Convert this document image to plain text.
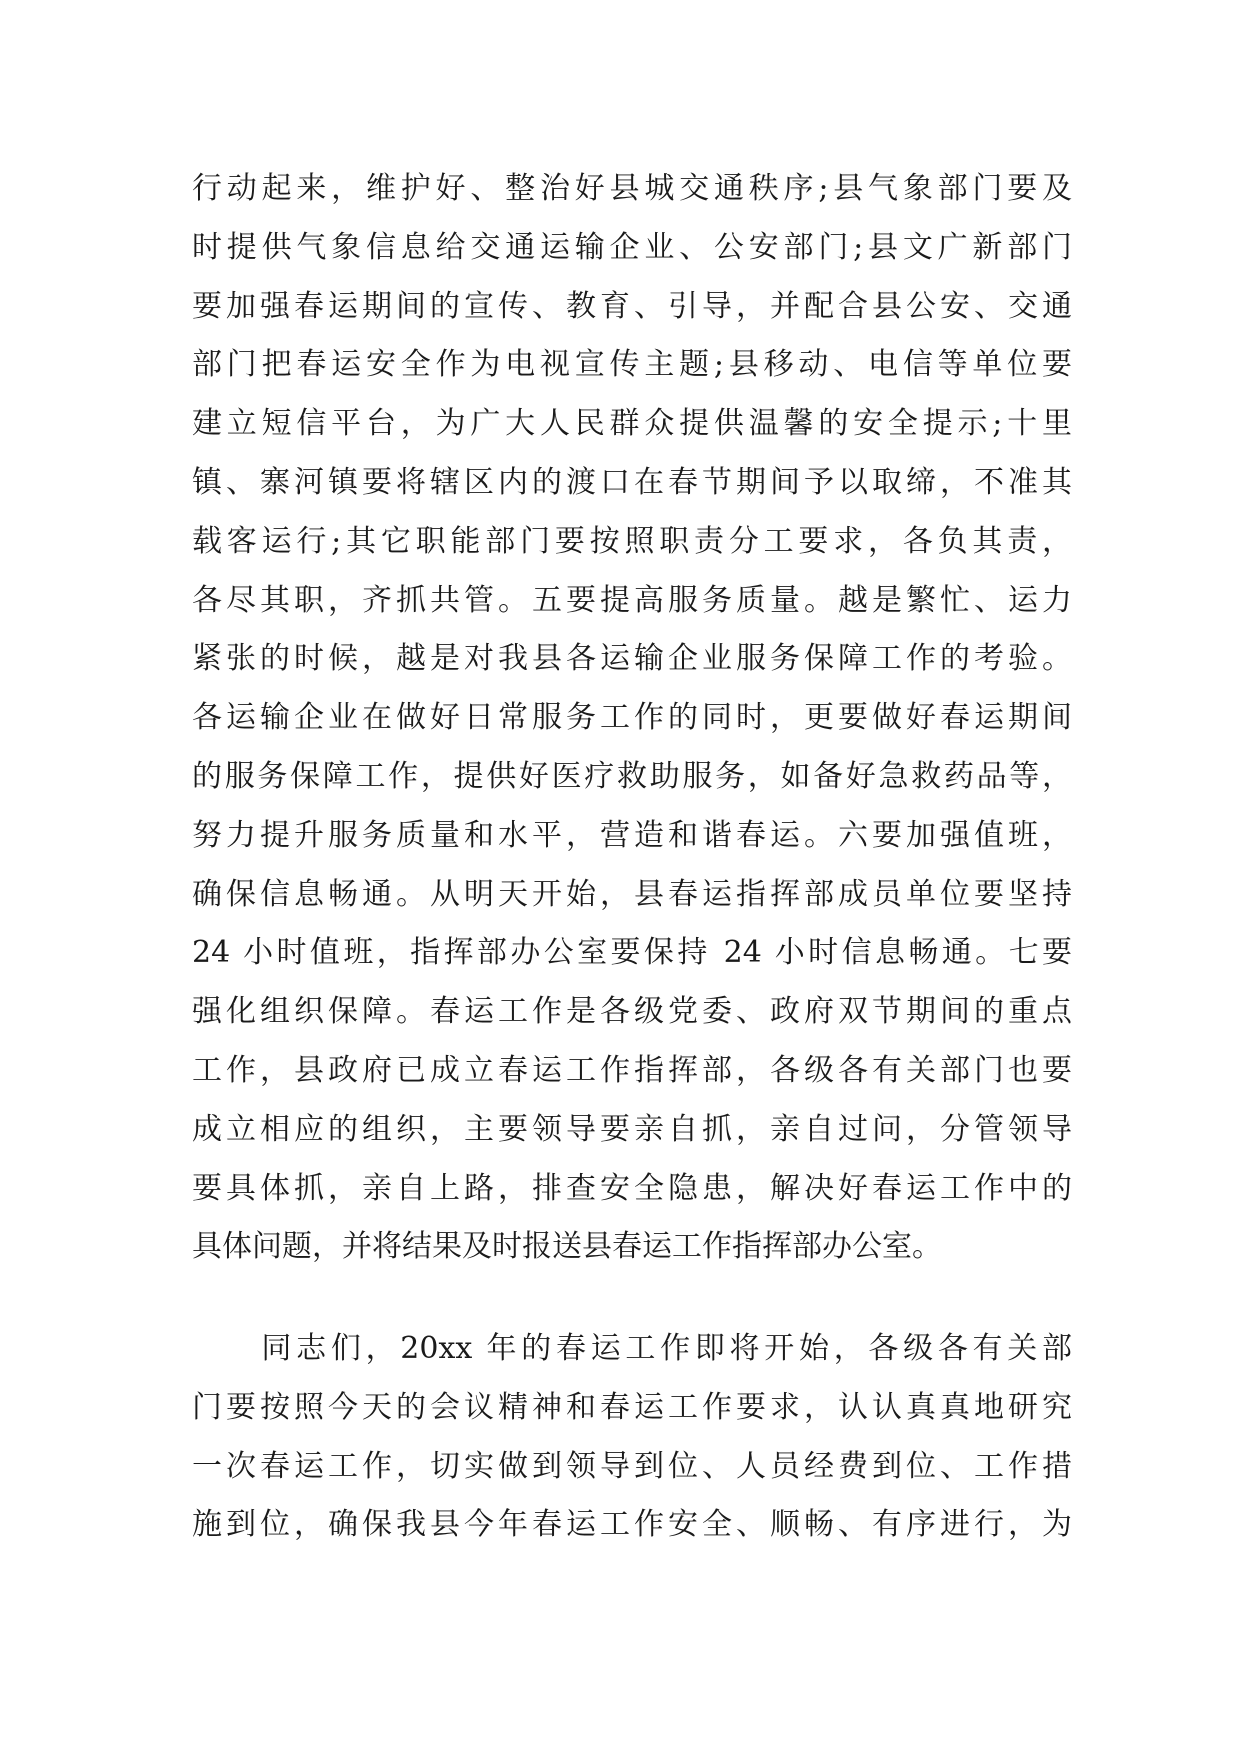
行动起来，维护好、整治好县城交通秩序;县气象部门要及
时提供气象信息给交通运输企业、公安部门;县文广新部门
要加强春运期间的宣传、教育、引导，并配合县公安、交通
部门把春运安全作为电视宣传主题;县移动、电信等单位要
建立短信平台，为广大人民群众提供温馨的安全提示;十里
镇、寨河镇要将辖区内的渡口在春节期间予以取缔，不准其
载客运行;其它职能部门要按照职责分工要求，各负其责，
各尽其职，齐抓共管。五要提高服务质量。越是繁忙、运力
紧张的时候，越是对我县各运输企业服务保障工作的考验。
各运输企业在做好日常服务工作的同时，更要做好春运期间
的服务保障工作，提供好医疗救助服务，如备好急救药品等，
努力提升服务质量和水平，营造和谐春运。六要加强值班，
确保信息畅通。从明天开始，县春运指挥部成员单位要坚持
24 小时值班，指挥部办公室要保持 24 小时信息畅通。七要
强化组织保障。春运工作是各级党委、政府双节期间的重点
工作，县政府已成立春运工作指挥部，各级各有关部门也要
成立相应的组织，主要领导要亲自抓，亲自过问，分管领导
要具体抓，亲自上路，排查安全隐患，解决好春运工作中的
具体问题，并将结果及时报送县春运工作指挥部办公室。
　　同志们，20xx 年的春运工作即将开始，各级各有关部
门要按照今天的会议精神和春运工作要求，认认真真地研究
一次春运工作，切实做到领导到位、人员经费到位、工作措
施到位，确保我县今年春运工作安全、顺畅、有序进行，为
